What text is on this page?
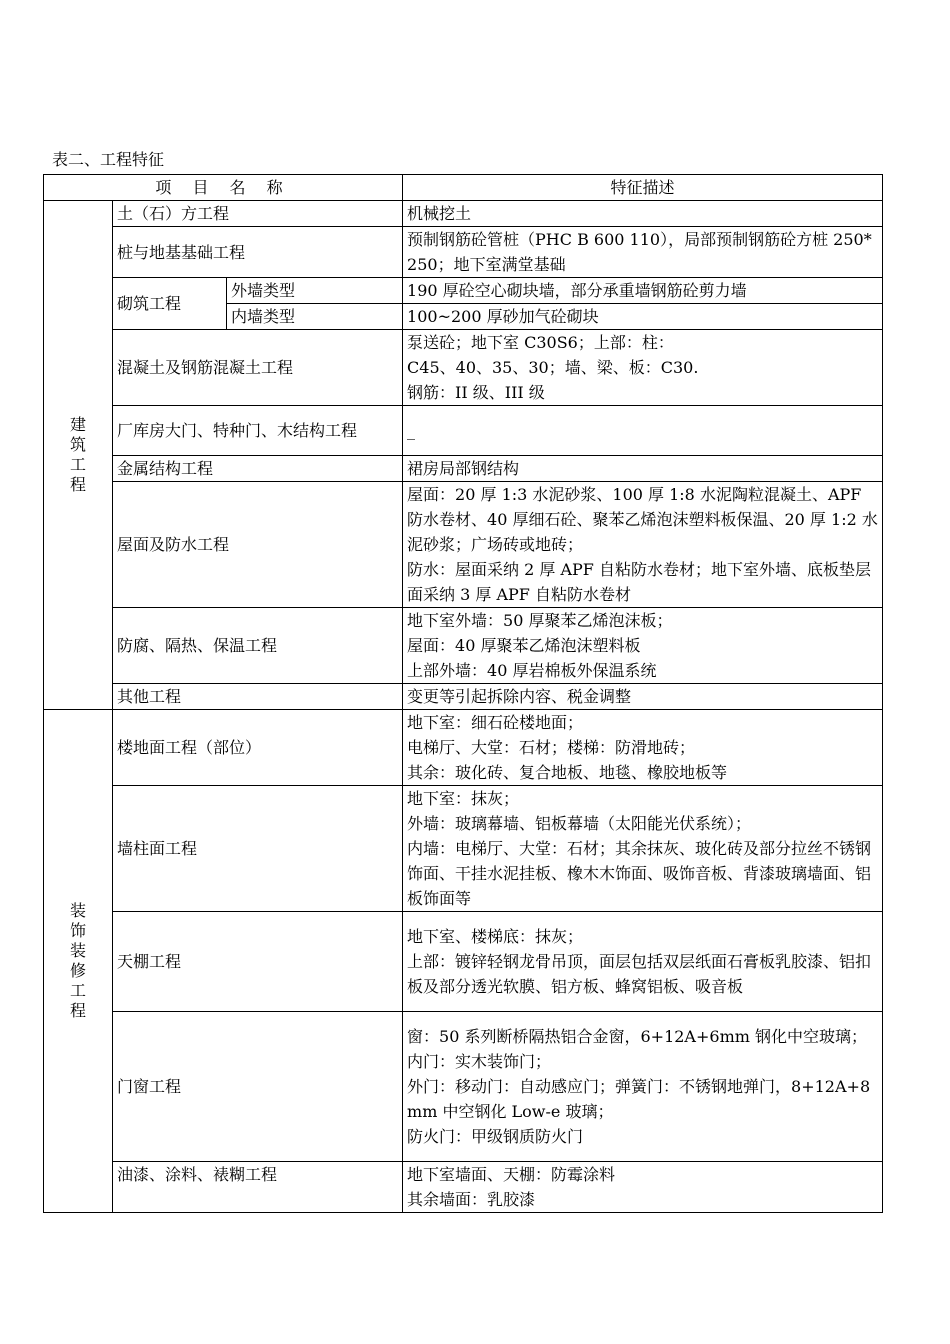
表二、工程特征
项 目 名 称			特征描述

建筑工程	土（石）方工程		机械挖土

	桩与地基基础工程		预制钢筋砼管桩（PHC B 600 110），局部预制钢筋砼方桩 250*250；地下室满堂基础

	砌筑工程	外墙类型	190 厚砼空心砌块墙，部分承重墙钢筋砼剪力墙
		内墙类型	100~200 厚砂加气砼砌块
	混凝土及钢筋混凝土工程		泵送砼；地下室 C30S6；上部：柱：
C45、40、35、30；墙、梁、板：C30.
钢筋：II 级、III 级

	厂库房大门、特种门、木结构工程		_

	金属结构工程		裙房局部钢结构

	屋面及防水工程		屋面：20 厚 1:3 水泥砂浆、100 厚 1:8 水泥陶粒混凝土、APF 防水卷材、40 厚细石砼、聚苯乙烯泡沫塑料板保温、20 厚 1:2 水泥砂浆；广场砖或地砖；
防水：屋面采纳 2 厚 APF 自粘防水卷材；地下室外墙、底板垫层面采纳 3 厚 APF 自粘防水卷材

	防腐、隔热、保温工程		地下室外墙：50 厚聚苯乙烯泡沫板；
屋面：40 厚聚苯乙烯泡沫塑料板
上部外墙：40 厚岩棉板外保温系统

	其他工程		变更等引起拆除内容、税金调整

装饰装修工程	楼地面工程（部位）		地下室：细石砼楼地面；
电梯厅、大堂：石材；楼梯：防滑地砖；
其余：玻化砖、复合地板、地毯、橡胶地板等

	墙柱面工程		地下室：抹灰；
外墙：玻璃幕墙、铝板幕墙（太阳能光伏系统）；
内墙：电梯厅、大堂：石材；其余抹灰、玻化砖及部分拉丝不锈钢饰面、干挂水泥挂板、橡木木饰面、吸饰音板、背漆玻璃墙面、铝板饰面等

	天棚工程		地下室、楼梯底：抹灰；
上部：镀锌轻钢龙骨吊顶，面层包括双层纸面石膏板乳胶漆、铝扣板及部分透光软膜、铝方板、蜂窝铝板、吸音板

	门窗工程		窗：50 系列断桥隔热铝合金窗，6+12A+6mm 钢化中空玻璃；
内门：实木装饰门；
外门：移动门：自动感应门；弹簧门：不锈钢地弹门，8+12A+8mm 中空钢化 Low-e 玻璃；
防火门：甲级钢质防火门

	油漆、涂料、裱糊工程		地下室墙面、天棚：防霉涂料
其余墙面：乳胶漆
